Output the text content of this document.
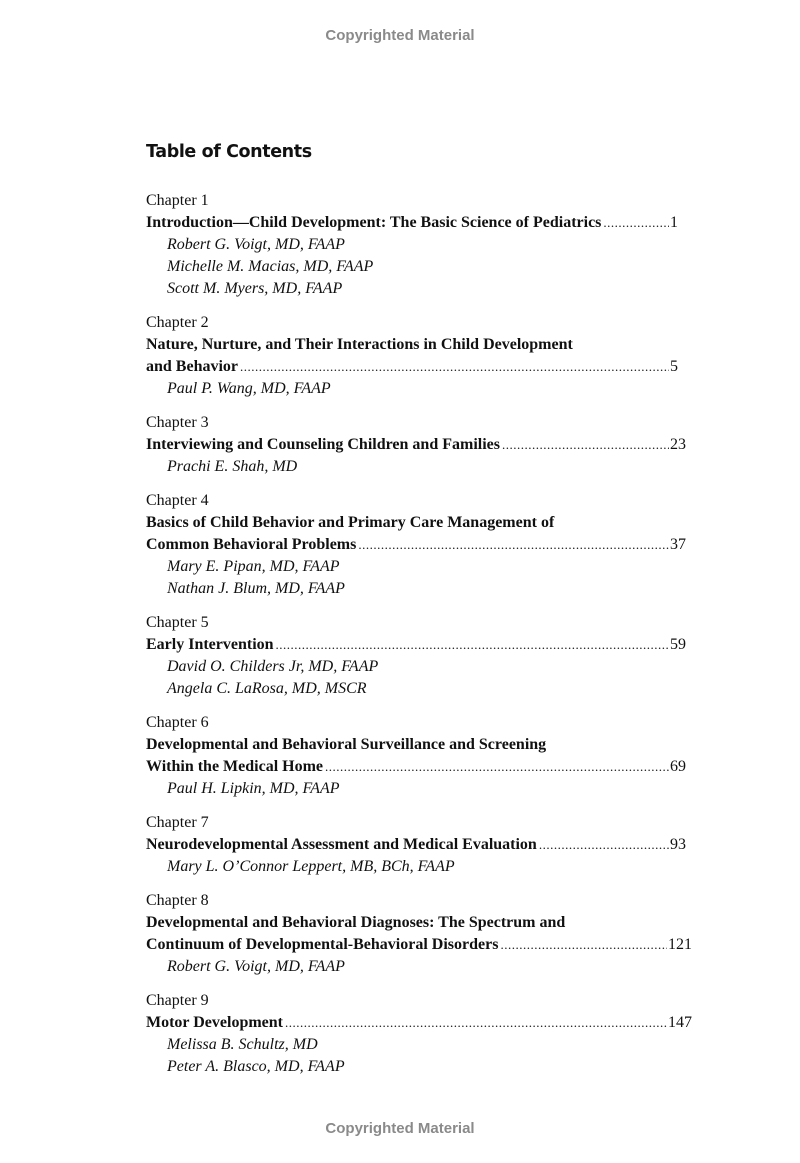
Copyrighted Material
Table of Contents
Chapter 1
Introduction—Child Development: The Basic Science of Pediatrics .....	1
Robert G. Voigt, MD, FAAP
Michelle M. Macias, MD, FAAP
Scott M. Myers, MD, FAAP
Chapter 2
Nature, Nurture, and Their Interactions in Child Development
and Behavior .....	5
Paul P. Wang, MD, FAAP
Chapter 3
Interviewing and Counseling Children and Families .....	23
Prachi E. Shah, MD
Chapter 4
Basics of Child Behavior and Primary Care Management of
Common Behavioral Problems .....	37
Mary E. Pipan, MD, FAAP
Nathan J. Blum, MD, FAAP
Chapter 5
Early Intervention .....	59
David O. Childers Jr, MD, FAAP
Angela C. LaRosa, MD, MSCR
Chapter 6
Developmental and Behavioral Surveillance and Screening
Within the Medical Home .....	69
Paul H. Lipkin, MD, FAAP
Chapter 7
Neurodevelopmental Assessment and Medical Evaluation .....	93
Mary L. O’Connor Leppert, MB, BCh, FAAP
Chapter 8
Developmental and Behavioral Diagnoses: The Spectrum and
Continuum of Developmental-Behavioral Disorders .....	121
Robert G. Voigt, MD, FAAP
Chapter 9
Motor Development .....	147
Melissa B. Schultz, MD
Peter A. Blasco, MD, FAAP
Copyrighted Material
